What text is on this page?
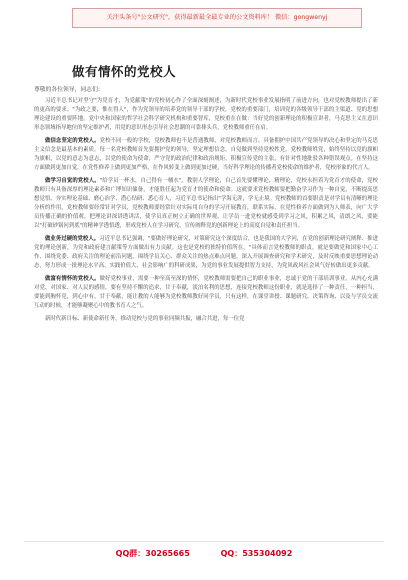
关注头条号"公文研究"，获得最新最全最专业的公文资料库！ 微信：gongwenyj
做有情怀的党校人

尊敬的各位领导，同志们：

习近平总书记对坚守"为党育才，为党献策"的党校初心作了全面深刻阐述，为新时代党校事业发展指明了前进方向，也对党校教师提出了新的更高的要求。"为政之要，惟在得人"，作为党领导的培养党的领导干部的学校，党校的重要部门，培训党的各级领导干部的主渠道、党的思想理论建设的重要阵地，党中央和国家的哲学社会科学研究机构和重要智库，党校重在在做：当好党的创新理论的积极宣讲者，马克思主义在意识形态领域指导地位的坚定维护者，用党的意识形态引导社会思潮的可靠排头兵，党校教师重任在肩。

做信念坚定的党校人。党校不同一般的学校，党校教师也不是普通教师，对党校教师而言，具备拥护中国共产党领导的决心和坚定的马克思主义信念是最基本的素质。每一名党校教师首先要拥护党的领导，坚定理想信念，自觉做到坚持党校姓党。党校教师姓党，始终坚持以党的旗帜为旗帜，以党的意志为意志，以党的使命为使命，严守党的政治纪律和政治规矩，积极宣传党的主张，有针对性地批驳各种错误观点。在坚持这方面做到更加自觉，在党性修养上做到更加严格，在作风转变上做到更加过硬，当好科学理论的传播者党校使命的维护者，党校形象的代言人。

做学习自觉的党校人。"给学员一杯水，自己得有一桶水"，教别人学理论，自己首先要懂理论，精理论，党校永担着为党育才的使命，党校教师只有具备深厚的理论素养和广博知识储备，才能胜任起为党育才的使命和使命。这就要求党校教师要把勤奋学习作为一种自觉，不断提高思想觉悟、夯实理论基础、磨心治学、潜心钻研、悉心育人，习近平总书记指出"学海无涯，学无止境。党校教师的首要职责是对学员有清晰的理论分析的作用，党校教师要经常针对学员，党校教师要经常针对实际用自身的学习开展教育，联系实际，在党性修养方面做到为人师表，向广大学员传播正确的价值观，把理论讲深讲透讲活，使学员真正树立正确的世界观，让学员一进党校就感受到学习之风，积累之风，清朗之风，要能以"打破砂锅问到底"的精神学透悟透，形成党校人在学习研究，宣传阐释党的创新理论上的高度自觉和责任担当。

做业务过硬的党校人。习近平总书记强调，"要做好理论研究，对策研究这个深度结合，也是我国的大学问，在党的创新理论研究阐释、推进党的理论创新，为党和政府建言献策等方面做出有力贡献。这也是党校的独特价值所在。"具体而言党校教师的职责，就是要做党和国家中心工作、围绕党委、政府关注的理论前沿问题，围绕学员关心、群众关注的热点难点问题，深入开展调查研究和学术研究，及时反映重要思想理论动态，努力形成一批理论水平高、实践价值大、社会影响广的科研成果，为党的事业发展提供智力支持，为党风政风社会风气好转做出更多贡献。

做富有情怀的党校人。做好党校事业，需要一种至高至深的情怀，党校教师需要把自己的职业事业，忠诚于党的干部培训事业，从内心充满对党、对国家、对人民的感情，要有坚持不懈的追求，甘于奉献，淡泊名利的思想，连接党校教师这份职业，就是选择了一种责任，一种担当，要能到胸怀党，到心中有，甘于奉献，能让教的人能够为党校教师教好同学员，只有这样，在课堂讲授、课题研究、决策咨询、以及与学员交流互动的时候，才能够凝聚心中的教书育人之气。

新时代新目标、新使命新任务，推动党校与党的事业同频共振，融合共进，每一位党

QQ群：30265665	QQ：535304092
